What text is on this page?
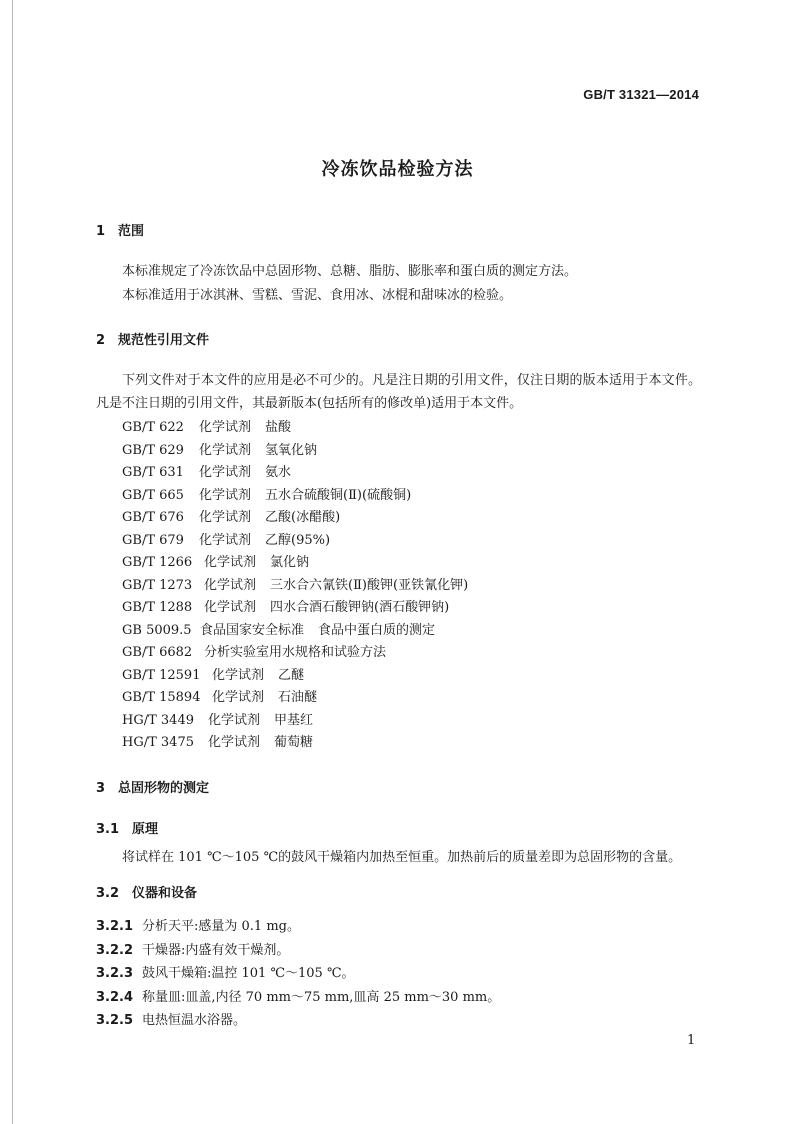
GB/T 31321—2014
冷冻饮品检验方法
1 范围
本标准规定了冷冻饮品中总固形物、总糖、脂肪、膨胀率和蛋白质的测定方法。
本标准适用于冰淇淋、雪糕、雪泥、食用冰、冰棍和甜味冰的检验。
2 规范性引用文件
下列文件对于本文件的应用是必不可少的。凡是注日期的引用文件，仅注日期的版本适用于本文件。凡是不注日期的引用文件，其最新版本(包括所有的修改单)适用于本文件。
GB/T 622 化学试剂 盐酸
GB/T 629 化学试剂 氢氧化钠
GB/T 631 化学试剂 氨水
GB/T 665 化学试剂 五水合硫酸铜(Ⅱ)(硫酸铜)
GB/T 676 化学试剂 乙酸(冰醋酸)
GB/T 679 化学试剂 乙醇(95%)
GB/T 1266 化学试剂 氯化钠
GB/T 1273 化学试剂 三水合六氰铁(Ⅱ)酸钾(亚铁氰化钾)
GB/T 1288 化学试剂 四水合酒石酸钾钠(酒石酸钾钠)
GB 5009.5 食品国家安全标准 食品中蛋白质的测定
GB/T 6682 分析实验室用水规格和试验方法
GB/T 12591 化学试剂 乙醚
GB/T 15894 化学试剂 石油醚
HG/T 3449 化学试剂 甲基红
HG/T 3475 化学试剂 葡萄糖
3 总固形物的测定
3.1 原理
将试样在 101 ℃～105 ℃的鼓风干燥箱内加热至恒重。加热前后的质量差即为总固形物的含量。
3.2 仪器和设备
3.2.1 分析天平:感量为 0.1 mg。
3.2.2 干燥器:内盛有效干燥剂。
3.2.3 鼓风干燥箱:温控 101 ℃～105 ℃。
3.2.4 称量皿:皿盖,内径 70 mm～75 mm,皿高 25 mm～30 mm。
3.2.5 电热恒温水浴器。
1
